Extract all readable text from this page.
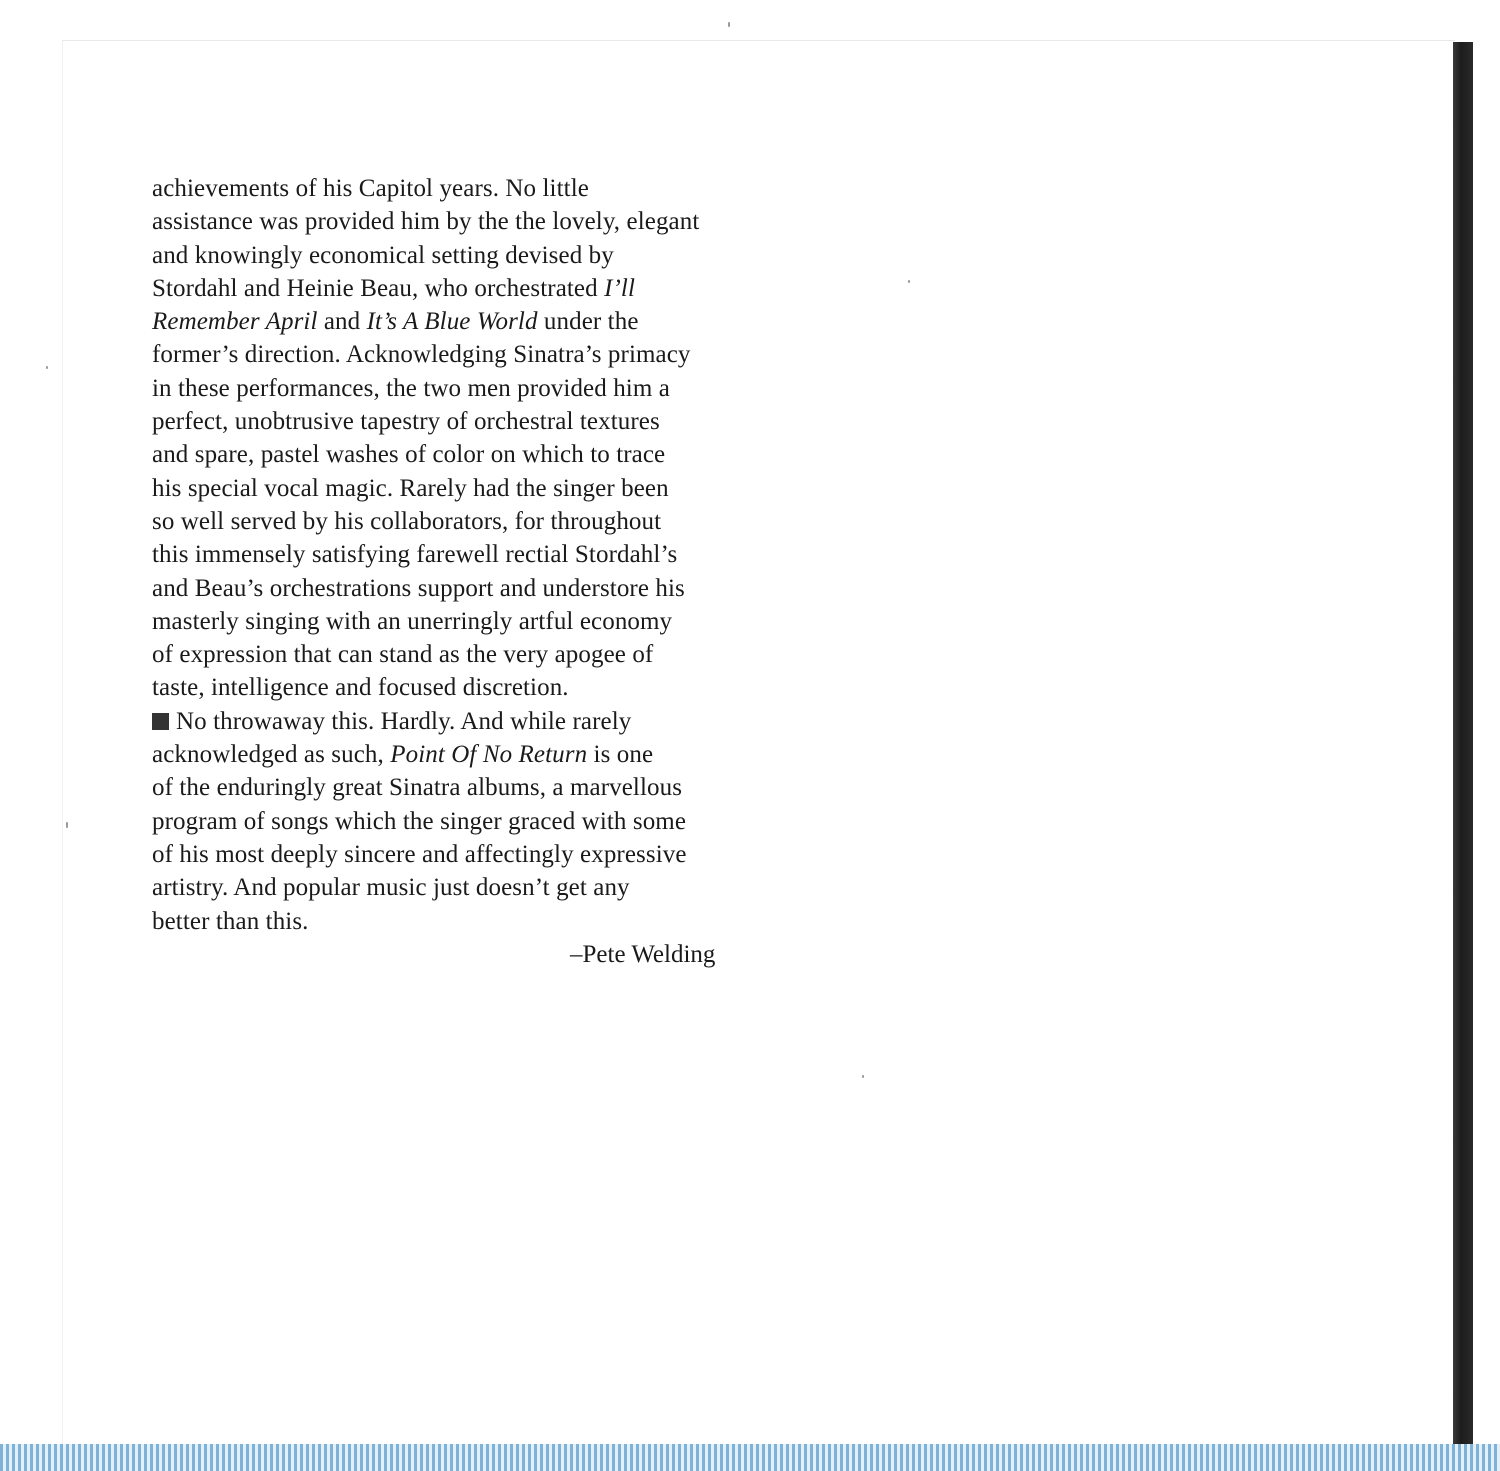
achievements of his Capitol years. No little
assistance was provided him by the the lovely, elegant
and knowingly economical setting devised by
Stordahl and Heinie Beau, who orchestrated I’ll
Remember April and It’s A Blue World under the
former’s direction. Acknowledging Sinatra’s primacy
in these performances, the two men provided him a
perfect, unobtrusive tapestry of orchestral textures
and spare, pastel washes of color on which to trace
his special vocal magic. Rarely had the singer been
so well served by his collaborators, for throughout
this immensely satisfying farewell rectial Stordahl’s
and Beau’s orchestrations support and understore his
masterly singing with an unerringly artful economy
of expression that can stand as the very apogee of
taste, intelligence and focused discretion.
No throwaway this. Hardly. And while rarely
acknowledged as such, Point Of No Return is one
of the enduringly great Sinatra albums, a marvellous
program of songs which the singer graced with some
of his most deeply sincere and affectingly expressive
artistry. And popular music just doesn’t get any
better than this.
–Pete Welding
